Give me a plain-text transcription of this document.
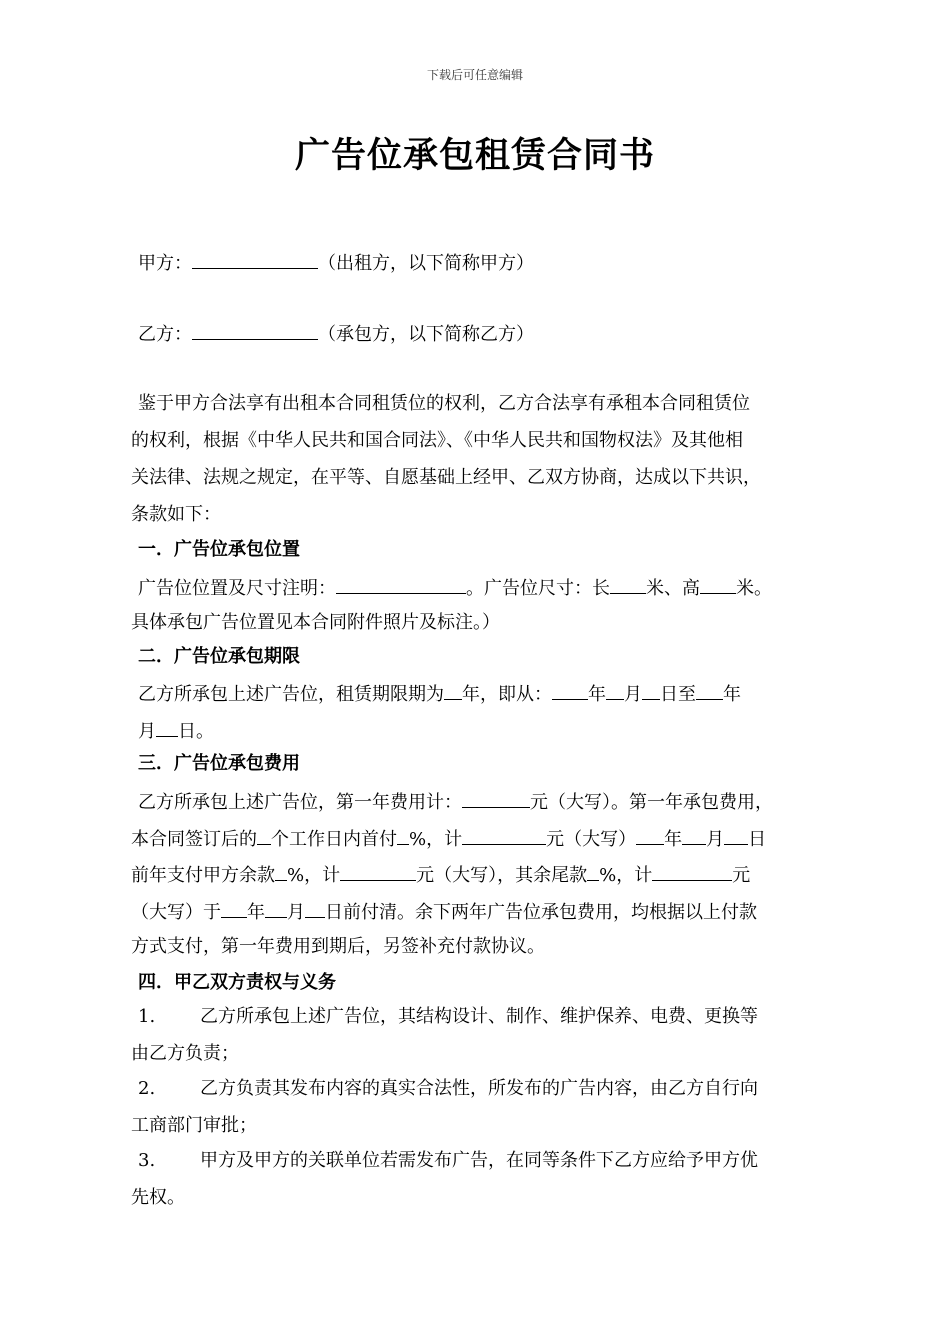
下载后可任意编辑
广告位承包租赁合同书
甲方：	（出租方，以下简称甲方）
乙方：	（承包方，以下简称乙方）
鉴于甲方合法享有出租本合同租赁位的权利，乙方合法享有承租本合同租赁位
的权利，根据《中华人民共和国合同法》、《中华人民共和国物权法》及其他相
关法律、法规之规定，在平等、自愿基础上经甲、乙双方协商，达成以下共识，
条款如下：
一．广告位承包位置
广告位位置及尺寸注明：	。广告位尺寸：长 米、高 米。
具体承包广告位置见本合同附件照片及标注。）
二．广告位承包期限
乙方所承包上述广告位，租赁期限期为 年，即从： 年 月 日至 年
月 日。
三．广告位承包费用
乙方所承包上述广告位，第一年费用计：	元（大写）。第一年承包费用，
本合同签订后的 个工作日内首付 %，计	元（大写） 年 月 日
前年支付甲方余款 %，计	元（大写），其余尾款 %，计	元
（大写）于 年 月 日前付清。余下两年广告位承包费用，均根据以上付款
方式支付，第一年费用到期后，另签补充付款协议。
四．甲乙双方责权与义务
1. 乙方所承包上述广告位，其结构设计、制作、维护保养、电费、更换等
由乙方负责；
2. 乙方负责其发布内容的真实合法性，所发布的广告内容，由乙方自行向
工商部门审批；
3. 甲方及甲方的关联单位若需发布广告，在同等条件下乙方应给予甲方优
先权。
